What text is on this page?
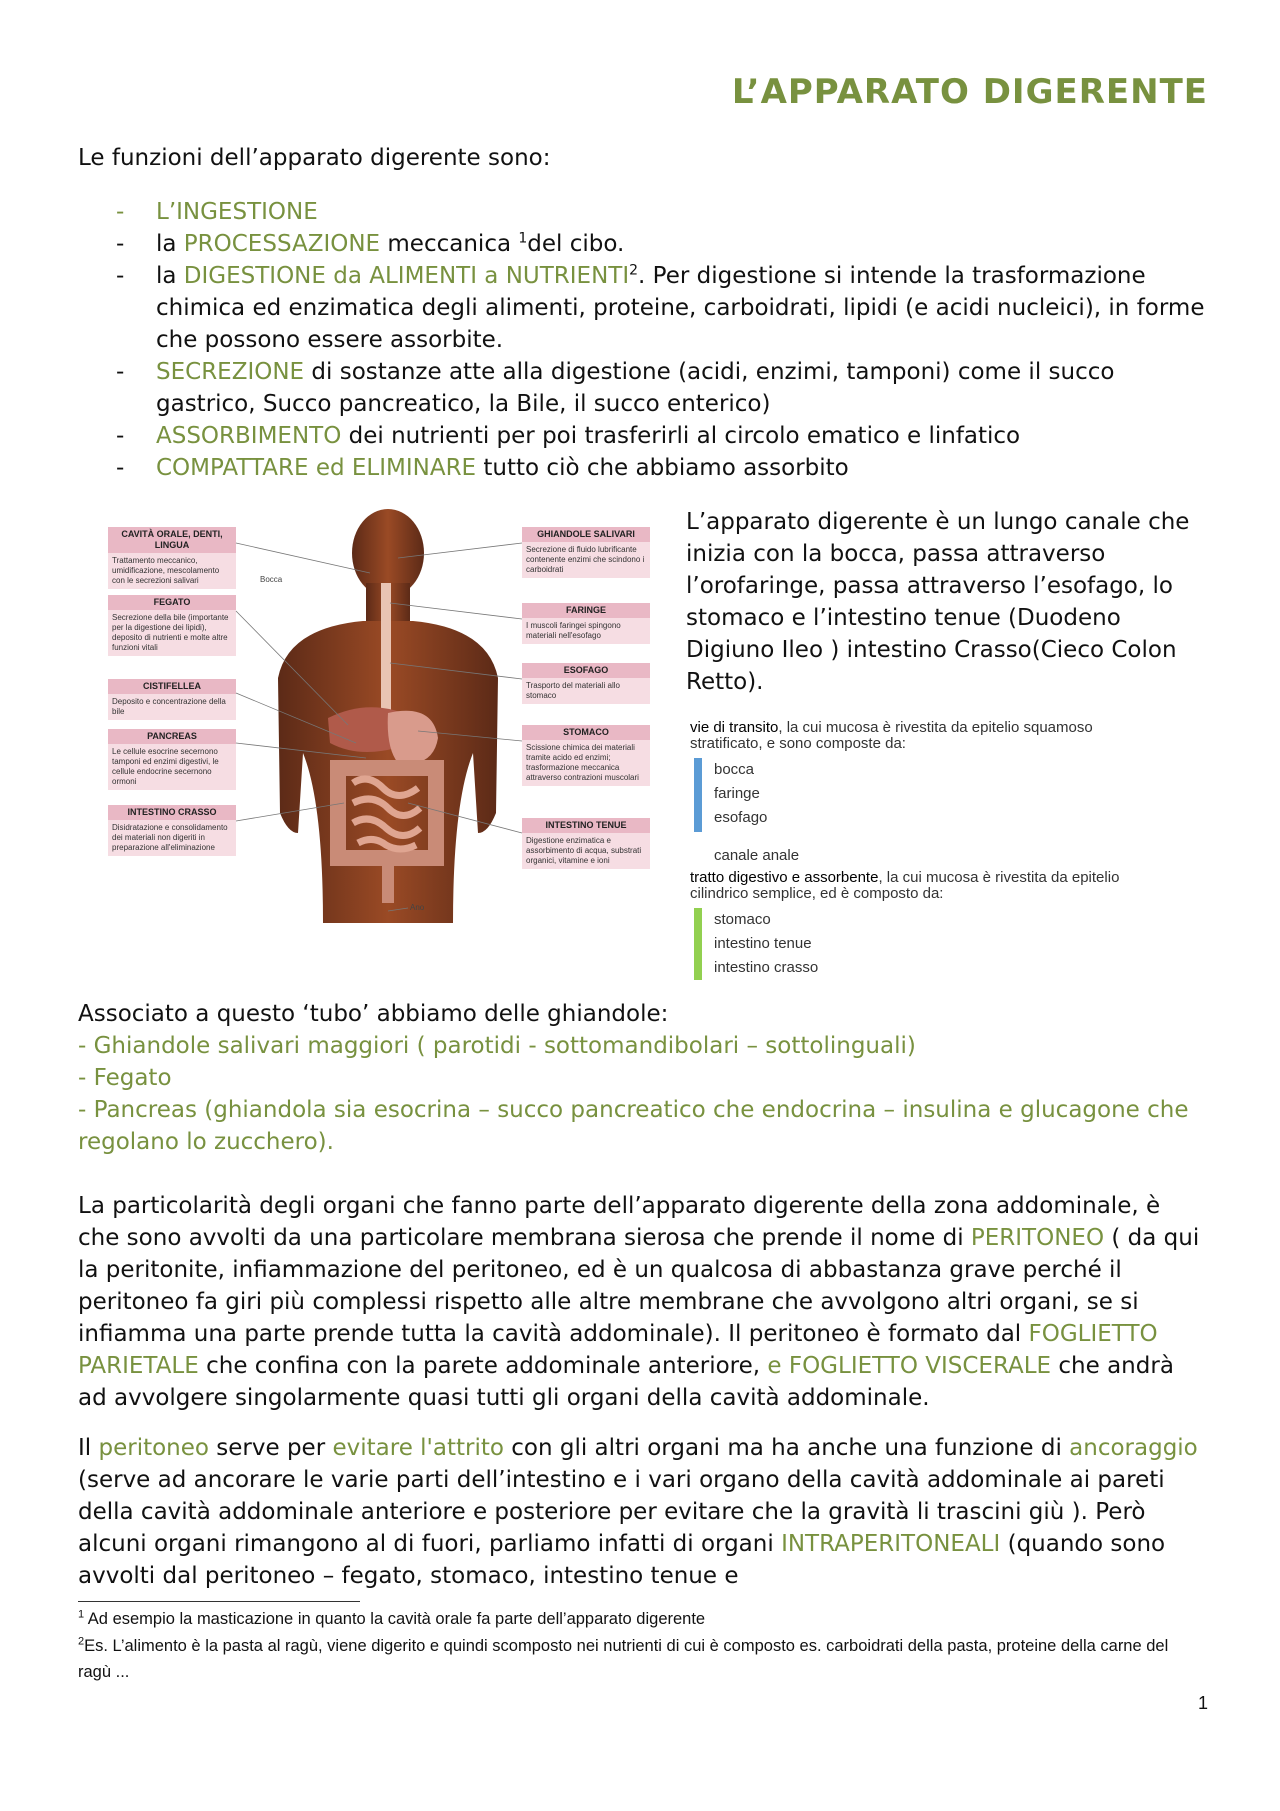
L’APPARATO DIGERENTE

Le funzioni dell’apparato digerente sono:

- L’INGESTIONE
- la PROCESSAZIONE meccanica $^1$del cibo.
- la DIGESTIONE da ALIMENTI a NUTRIENTI$^2$. Per digestione si intende la trasformazione chimica ed enzimatica degli alimenti, proteine, carboidrati, lipidi (e acidi nucleici), in forme che possono essere assorbite.
- SECREZIONE di sostanze atte alla digestione (acidi, enzimi, tamponi) come il succo gastrico, Succo pancreatico, la Bile, il succo enterico)
- ASSORBIMENTO dei nutrienti per poi trasferirli al circolo ematico e linfatico
- COMPATTARE ed ELIMINARE tutto ciò che abbiamo assorbito
CAVITÀ ORALE, DENTI, LINGUA
Trattamento meccanico, umidificazione, mescolamento con le secrezioni salivari
FEGATO
Secrezione della bile (importante per la digestione dei lipidi), deposito di nutrienti e molte altre funzioni vitali
CISTIFELLEA
Deposito e concentrazione della bile
PANCREAS
Le cellule esocrine secernono tamponi ed enzimi digestivi, le cellule endocrine secernono ormoni
INTESTINO CRASSO
Disidratazione e consolidamento dei materiali non digeriti in preparazione all'eliminazione
GHIANDOLE SALIVARI
Secrezione di fluido lubrificante contenente enzimi che scindono i carboidrati
FARINGE
I muscoli faringei spingono materiali nell'esofago
ESOFAGO
Trasporto del materiali allo stomaco
STOMACO
Scissione chimica dei materiali tramite acido ed enzimi; trasformazione meccanica attraverso contrazioni muscolari
INTESTINO TENUE
Digestione enzimatica e assorbimento di acqua, substrati organici, vitamine e ioni
Bocca
Ano

L’apparato digerente è un lungo canale che inizia con la bocca, passa attraverso l’orofaringe, passa attraverso l’esofago, lo stomaco e l’intestino tenue (Duodeno Digiuno Ileo ) intestino Crasso(Cieco Colon Retto).

vie di transito, la cui mucosa è rivestita da epitelio squamoso stratificato, e sono composte da:
bocca
faringe
esofago
canale anale
tratto digestivo e assorbente, la cui mucosa è rivestita da epitelio cilindrico semplice, ed è composto da:
stomaco
intestino tenue
intestino crasso

Associato a questo ‘tubo’ abbiamo delle ghiandole:

- Ghiandole salivari maggiori ( parotidi - sottomandibolari – sottolinguali)

- Fegato

- Pancreas (ghiandola sia esocrina – succo pancreatico che endocrina – insulina e glucagone che regolano lo zucchero).

La particolarità degli organi che fanno parte dell’apparato digerente della zona addominale, è che sono avvolti da una particolare membrana sierosa che prende il nome di PERITONEO ( da qui la peritonite, infiammazione del peritoneo, ed è un qualcosa di abbastanza grave perché il peritoneo fa giri più complessi rispetto alle altre membrane che avvolgono altri organi, se si infiamma una parte prende tutta la cavità addominale). Il peritoneo è formato dal FOGLIETTO PARIETALE che confina con la parete addominale anteriore, e FOGLIETTO VISCERALE che andrà ad avvolgere singolarmente quasi tutti gli organi della cavità addominale.

Il peritoneo serve per evitare l'attrito con gli altri organi ma ha anche una funzione di ancoraggio (serve ad ancorare le varie parti dell’intestino e i vari organo della cavità addominale ai pareti della cavità addominale anteriore e posteriore per evitare che la gravità li trascini giù ). Però alcuni organi rimangono al di fuori, parliamo infatti di organi INTRAPERITONEALI (quando sono avvolti dal peritoneo – fegato, stomaco, intestino tenue e

$^1$ Ad esempio la masticazione in quanto la cavità orale fa parte dell’apparato digerente

$^2$Es. L’alimento è la pasta al ragù, viene digerito e quindi scomposto nei nutrienti di cui è composto es. carboidrati della pasta, proteine della carne del ragù ...

1
